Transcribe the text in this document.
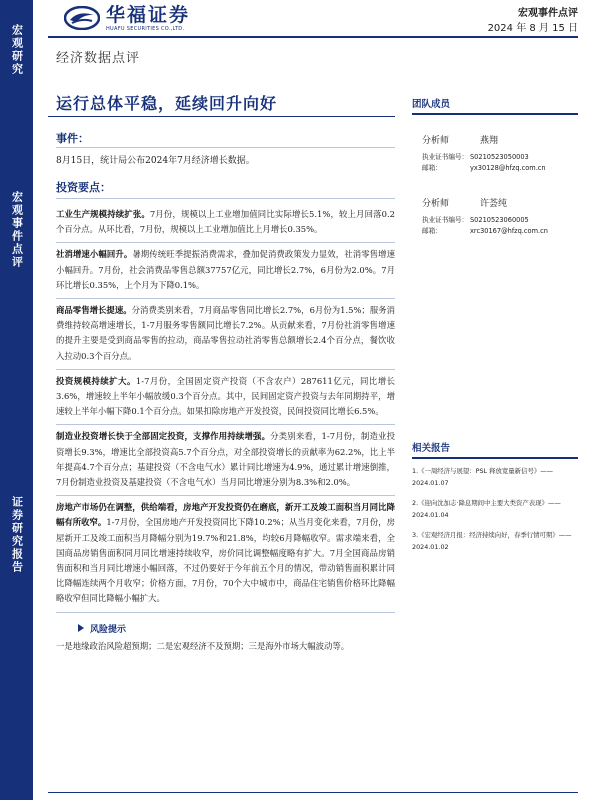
宏观研究
宏观事件点评
证券研究报告
华福证券
HUAFU SECURITIES CO.,LTD.
宏观事件点评
2024 年 8 月 15 日
经济数据点评
运行总体平稳，延续回升向好
事件：
8月15日，统计局公布2024年7月经济增长数据。
投资要点：
工业生产规模持续扩张。7月份，规模以上工业增加值同比实际增长5.1%，较上月回落0.2个百分点。从环比看，7月份，规模以上工业增加值比上月增长0.35%。
社消增速小幅回升。暑期传统旺季提振消费需求，叠加促消费政策发力显效，社消零售增速小幅回升。7月份，社会消费品零售总额37757亿元，同比增长2.7%，6月份为2.0%。7月环比增长0.35%，上个月为下降0.1%。
商品零售增长提速。分消费类别来看，7月商品零售同比增长2.7%，6月份为1.5%；服务消费维持较高增速增长，1-7月服务零售额同比增长7.2%。从贡献来看，7月份社消零售增速的提升主要是受到商品零售的拉动，商品零售拉动社消零售总额增长2.4个百分点，餐饮收入拉动0.3个百分点。
投资规模持续扩大。1-7月份，全国固定资产投资（不含农户）287611亿元，同比增长3.6%，增速较上半年小幅放缓0.3个百分点。其中，民间固定资产投资与去年同期持平，增速较上半年小幅下降0.1个百分点。如果扣除房地产开发投资，民间投资同比增长6.5%。
制造业投资增长快于全部固定投资，支撑作用持续增强。分类别来看，1-7月份，制造业投资增长9.3%，增速比全部投资高5.7个百分点，对全部投资增长的贡献率为62.2%，比上半年提高4.7个百分点；基建投资（不含电气水）累计同比增速为4.9%，通过累计增速倒推，7月份制造业投资及基建投资（不含电气水）当月同比增速分别为8.3%和2.0%。
房地产市场仍在调整，供给端看，房地产开发投资仍在磨底，新开工及竣工面积当月同比降幅有所收窄。1-7月份，全国房地产开发投资同比下降10.2%；从当月变化来看，7月份，房屋新开工及竣工面积当月降幅分别为19.7%和21.8%，均较6月降幅收窄。需求端来看，全国商品房销售面积同月同比增速持续收窄，房价同比调整幅度略有扩大。7月全国商品房销售面积和当月同比增速小幅回落，不过仍要好于今年前五个月的情况，带动销售面积累计同比降幅连续两个月收窄；价格方面，7月份，70个大中城市中，商品住宅销售价格环比降幅略收窄但同比降幅小幅扩大。
风险提示
一是地缘政治风险超预期；二是宏观经济不及预期；三是海外市场大幅波动等。
团队成员
分析师	燕翔
执业证书编号： S0210523050003
邮箱：	yx30128@hfzq.com.cn
分析师	许荟纯
执业证书编号： S0210523060005
邮箱：	xrc30167@hfzq.com.cn
相关报告
1.《一周经济与展望：PSL 释放宽量新信号》—— 2024.01.07
2.《迎向沈加志·降息期间中主要大类资产表现》—— 2024.01.04
3.《宏观经济月报：经济持续向好，春季行情可期》—— 2024.01.02
